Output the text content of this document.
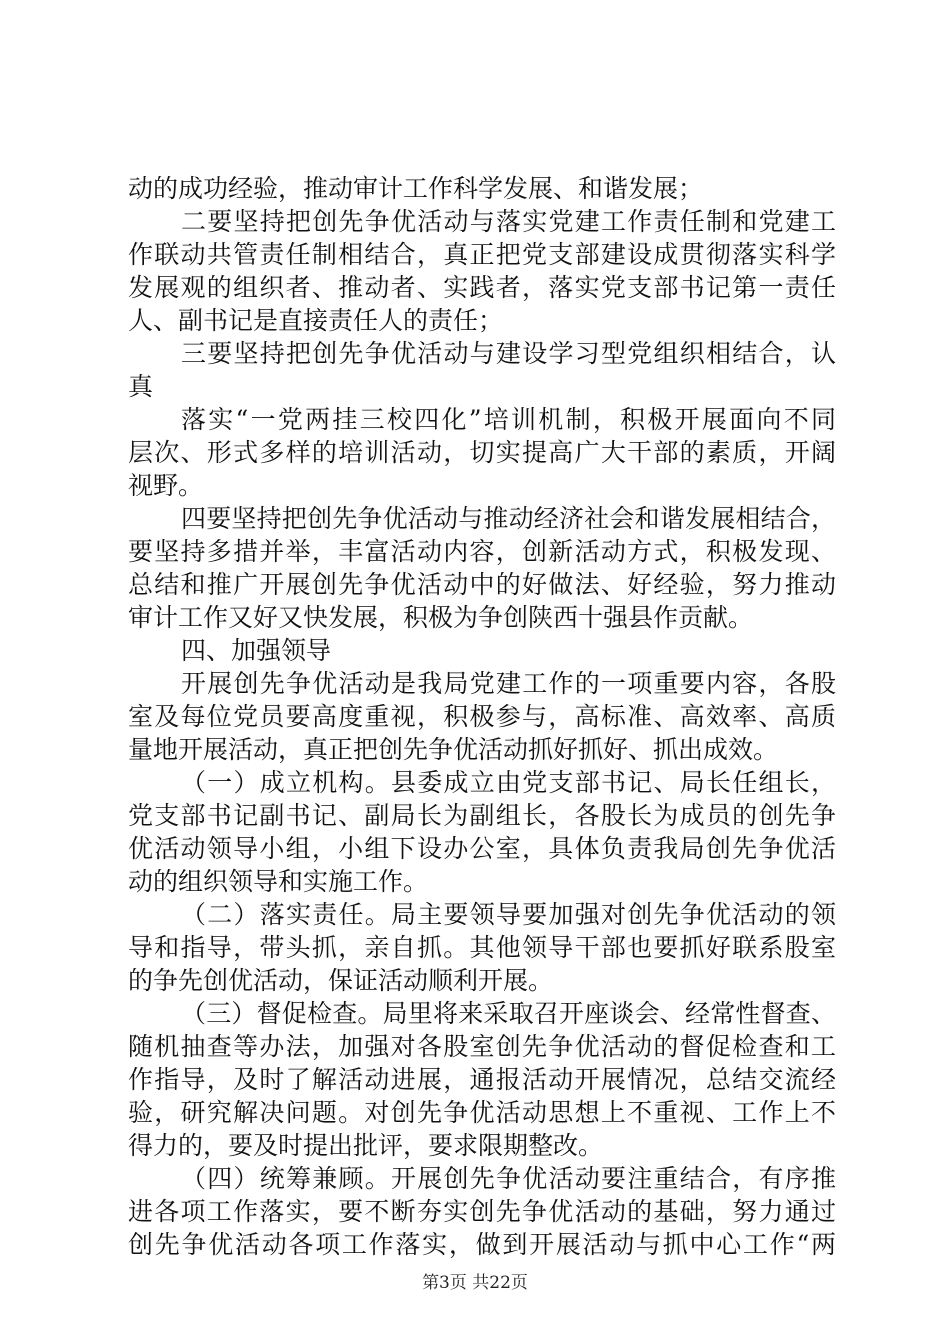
动的成功经验，推动审计工作科学发展、和谐发展；
二要坚持把创先争优活动与落实党建工作责任制和党建工
作联动共管责任制相结合，真正把党支部建设成贯彻落实科学
发展观的组织者、推动者、实践者，落实党支部书记第一责任
人、副书记是直接责任人的责任；
三要坚持把创先争优活动与建设学习型党组织相结合，认
真
落实“一党两挂三校四化”培训机制，积极开展面向不同
层次、形式多样的培训活动，切实提高广大干部的素质，开阔
视野。
四要坚持把创先争优活动与推动经济社会和谐发展相结合，
要坚持多措并举，丰富活动内容，创新活动方式，积极发现、
总结和推广开展创先争优活动中的好做法、好经验，努力推动
审计工作又好又快发展，积极为争创陕西十强县作贡献。
四、加强领导
开展创先争优活动是我局党建工作的一项重要内容，各股
室及每位党员要高度重视，积极参与，高标准、高效率、高质
量地开展活动，真正把创先争优活动抓好抓好、抓出成效。
（一）成立机构。县委成立由党支部书记、局长任组长，
党支部书记副书记、副局长为副组长，各股长为成员的创先争
优活动领导小组，小组下设办公室，具体负责我局创先争优活
动的组织领导和实施工作。
（二）落实责任。局主要领导要加强对创先争优活动的领
导和指导，带头抓，亲自抓。其他领导干部也要抓好联系股室
的争先创优活动，保证活动顺利开展。
（三）督促检查。局里将来采取召开座谈会、经常性督查、
随机抽查等办法，加强对各股室创先争优活动的督促检查和工
作指导，及时了解活动进展，通报活动开展情况，总结交流经
验，研究解决问题。对创先争优活动思想上不重视、工作上不
得力的，要及时提出批评，要求限期整改。
（四）统筹兼顾。开展创先争优活动要注重结合，有序推
进各项工作落实，要不断夯实创先争优活动的基础，努力通过
创先争优活动各项工作落实，做到开展活动与抓中心工作“两
第3页 共22页
